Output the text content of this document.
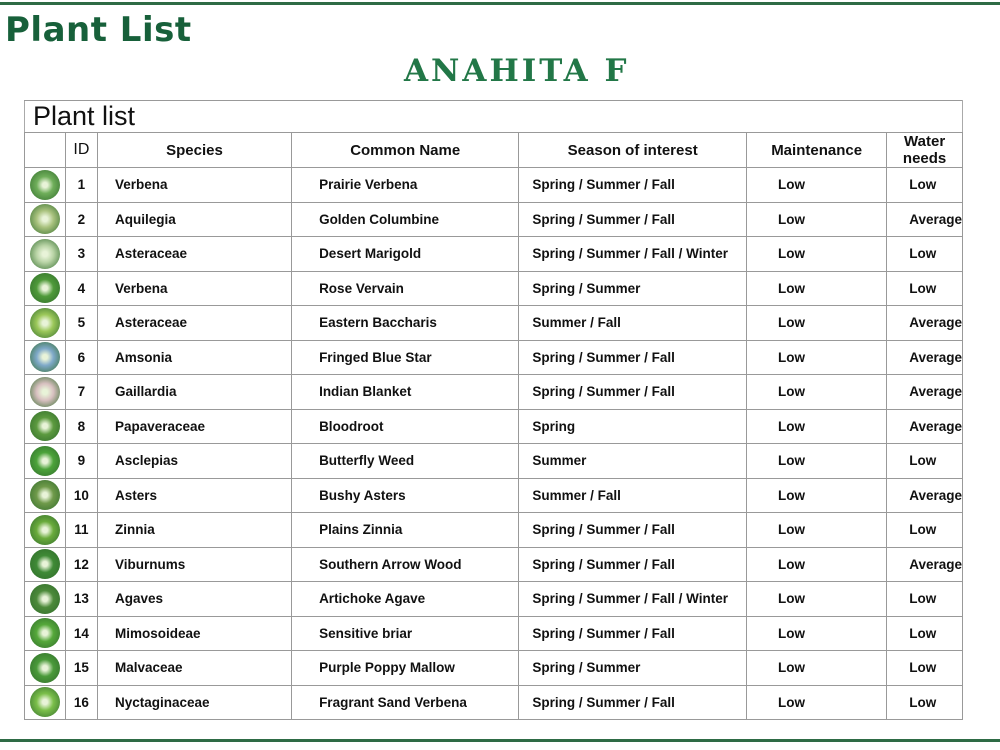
Plant List
ANAHITA F
Plant list						
	ID	Species	Common Name	Season of interest	Maintenance	Water needs
	1	Verbena	Prairie Verbena	Spring / Summer / Fall	Low	Low
	2	Aquilegia	Golden Columbine	Spring / Summer / Fall	Low	Average
	3	Asteraceae	Desert Marigold	Spring / Summer / Fall / Winter	Low	Low
	4	Verbena	Rose Vervain	Spring / Summer	Low	Low
	5	Asteraceae	Eastern Baccharis	Summer / Fall	Low	Average
	6	Amsonia	Fringed Blue Star	Spring / Summer / Fall	Low	Average
	7	Gaillardia	Indian Blanket	Spring / Summer / Fall	Low	Average
	8	Papaveraceae	Bloodroot	Spring	Low	Average
	9	Asclepias	Butterfly Weed	Summer	Low	Low
	10	Asters	Bushy Asters	Summer / Fall	Low	Average
	11	Zinnia	Plains Zinnia	Spring / Summer / Fall	Low	Low
	12	Viburnums	Southern Arrow Wood	Spring / Summer / Fall	Low	Average
	13	Agaves	Artichoke Agave	Spring / Summer / Fall / Winter	Low	Low
	14	Mimosoideae	Sensitive briar	Spring / Summer / Fall	Low	Low
	15	Malvaceae	Purple Poppy Mallow	Spring / Summer	Low	Low
	16	Nyctaginaceae	Fragrant Sand Verbena	Spring / Summer / Fall	Low	Low
